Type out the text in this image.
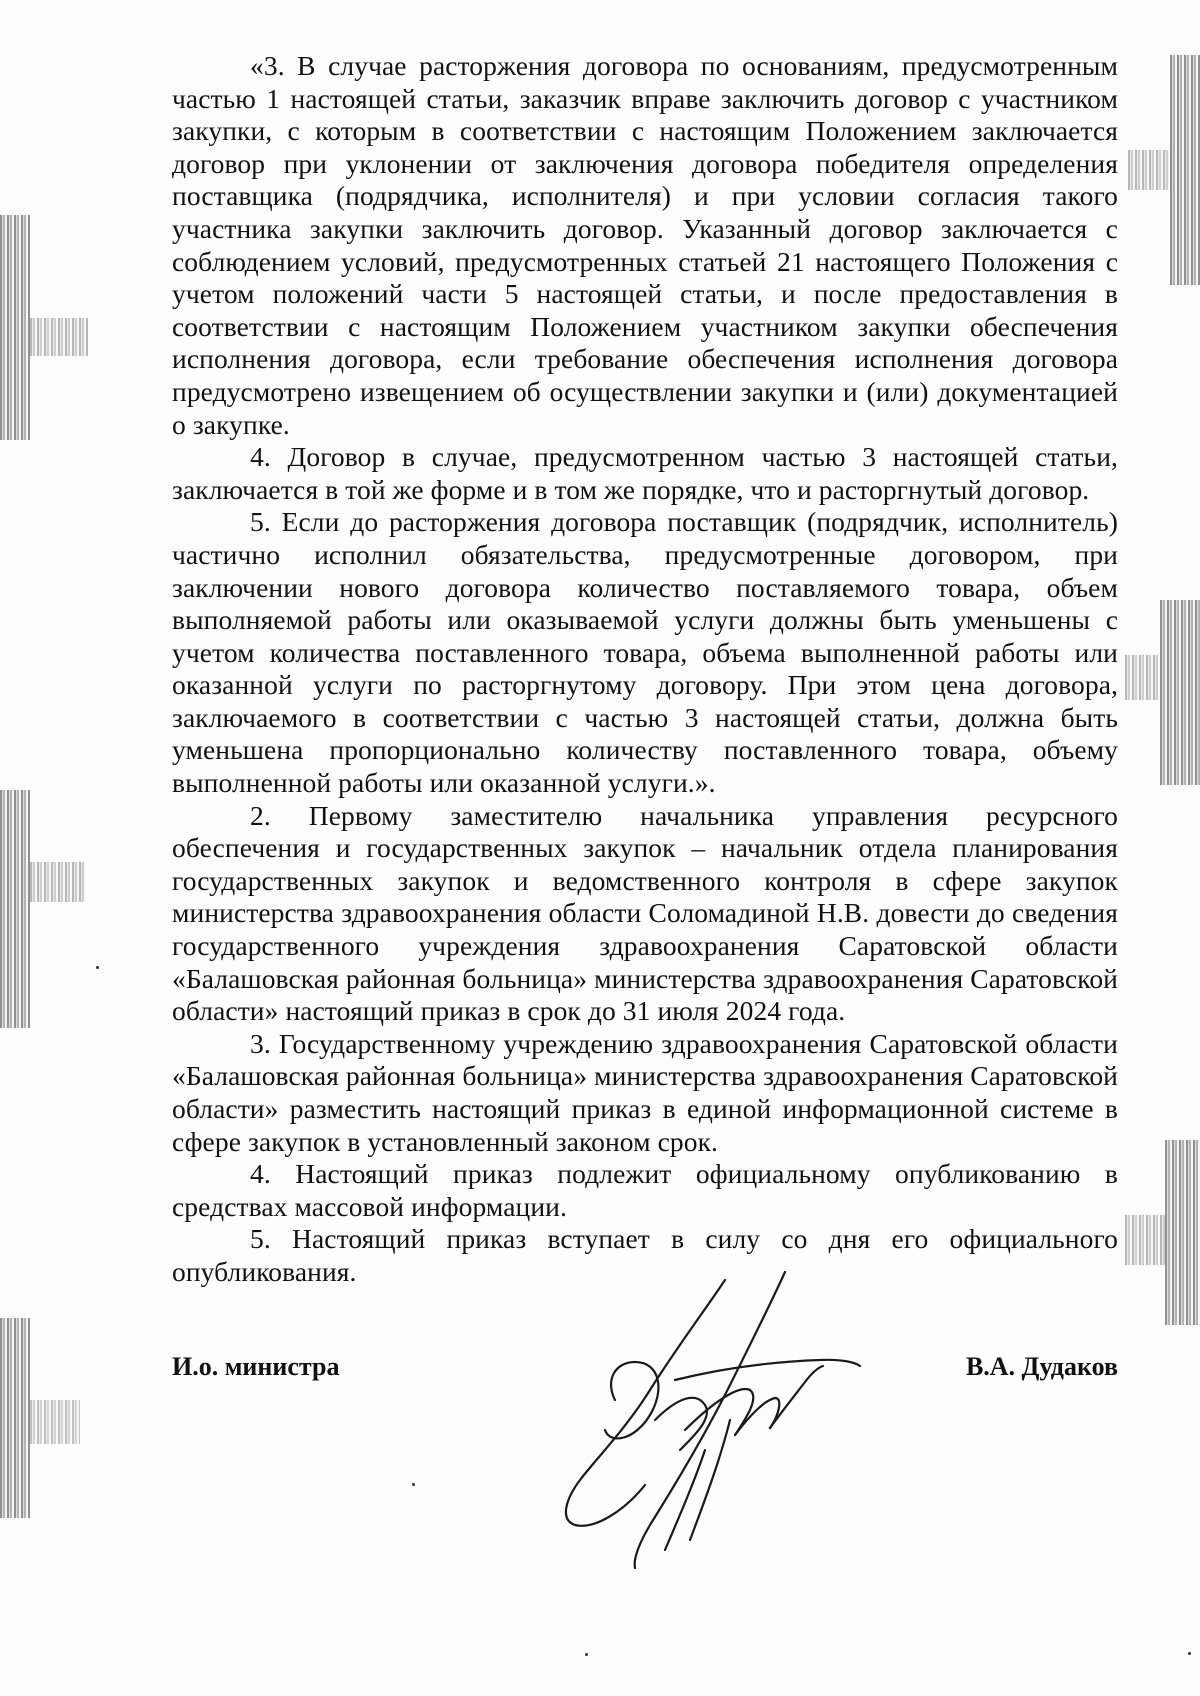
«3. В случае расторжения договора по основаниям, предусмотренным частью 1 настоящей статьи, заказчик вправе заключить договор с участником закупки, с которым в соответствии с настоящим Положением заключается договор при уклонении от заключения договора победителя определения поставщика (подрядчика, исполнителя) и при условии согласия такого участника закупки заключить договор. Указанный договор заключается с соблюдением условий, предусмотренных статьей 21 настоящего Положения с учетом положений части 5 настоящей статьи, и после предоставления в соответствии с настоящим Положением участником закупки обеспечения исполнения договора, если требование обеспечения исполнения договора предусмотрено извещением об осуществлении закупки и (или) документацией о закупке.

4. Договор в случае, предусмотренном частью 3 настоящей статьи, заключается в той же форме и в том же порядке, что и расторгнутый договор.

5. Если до расторжения договора поставщик (подрядчик, исполнитель) частично исполнил обязательства, предусмотренные договором, при заключении нового договора количество поставляемого товара, объем выполняемой работы или оказываемой услуги должны быть уменьшены с учетом количества поставленного товара, объема выполненной работы или оказанной услуги по расторгнутому договору. При этом цена договора, заключаемого в соответствии с частью 3 настоящей статьи, должна быть уменьшена пропорционально количеству поставленного товара, объему выполненной работы или оказанной услуги.».

2. Первому заместителю начальника управления ресурсного обеспечения и государственных закупок – начальник отдела планирования государственных закупок и ведомственного контроля в сфере закупок министерства здравоохранения области Соломадиной Н.В. довести до сведения государственного учреждения здравоохранения Саратовской области «Балашовская районная больница» министерства здравоохранения Саратовской области» настоящий приказ в срок до 31 июля 2024 года.

3. Государственному учреждению здравоохранения Саратовской области «Балашовская районная больница» министерства здравоохранения Саратовской области» разместить настоящий приказ в единой информационной системе в сфере закупок в установленный законом срок.

4. Настоящий приказ подлежит официальному опубликованию в средствах массовой информации.

5. Настоящий приказ вступает в силу со дня его официального опубликования.

И.о. министра	В.А. Дудаков
